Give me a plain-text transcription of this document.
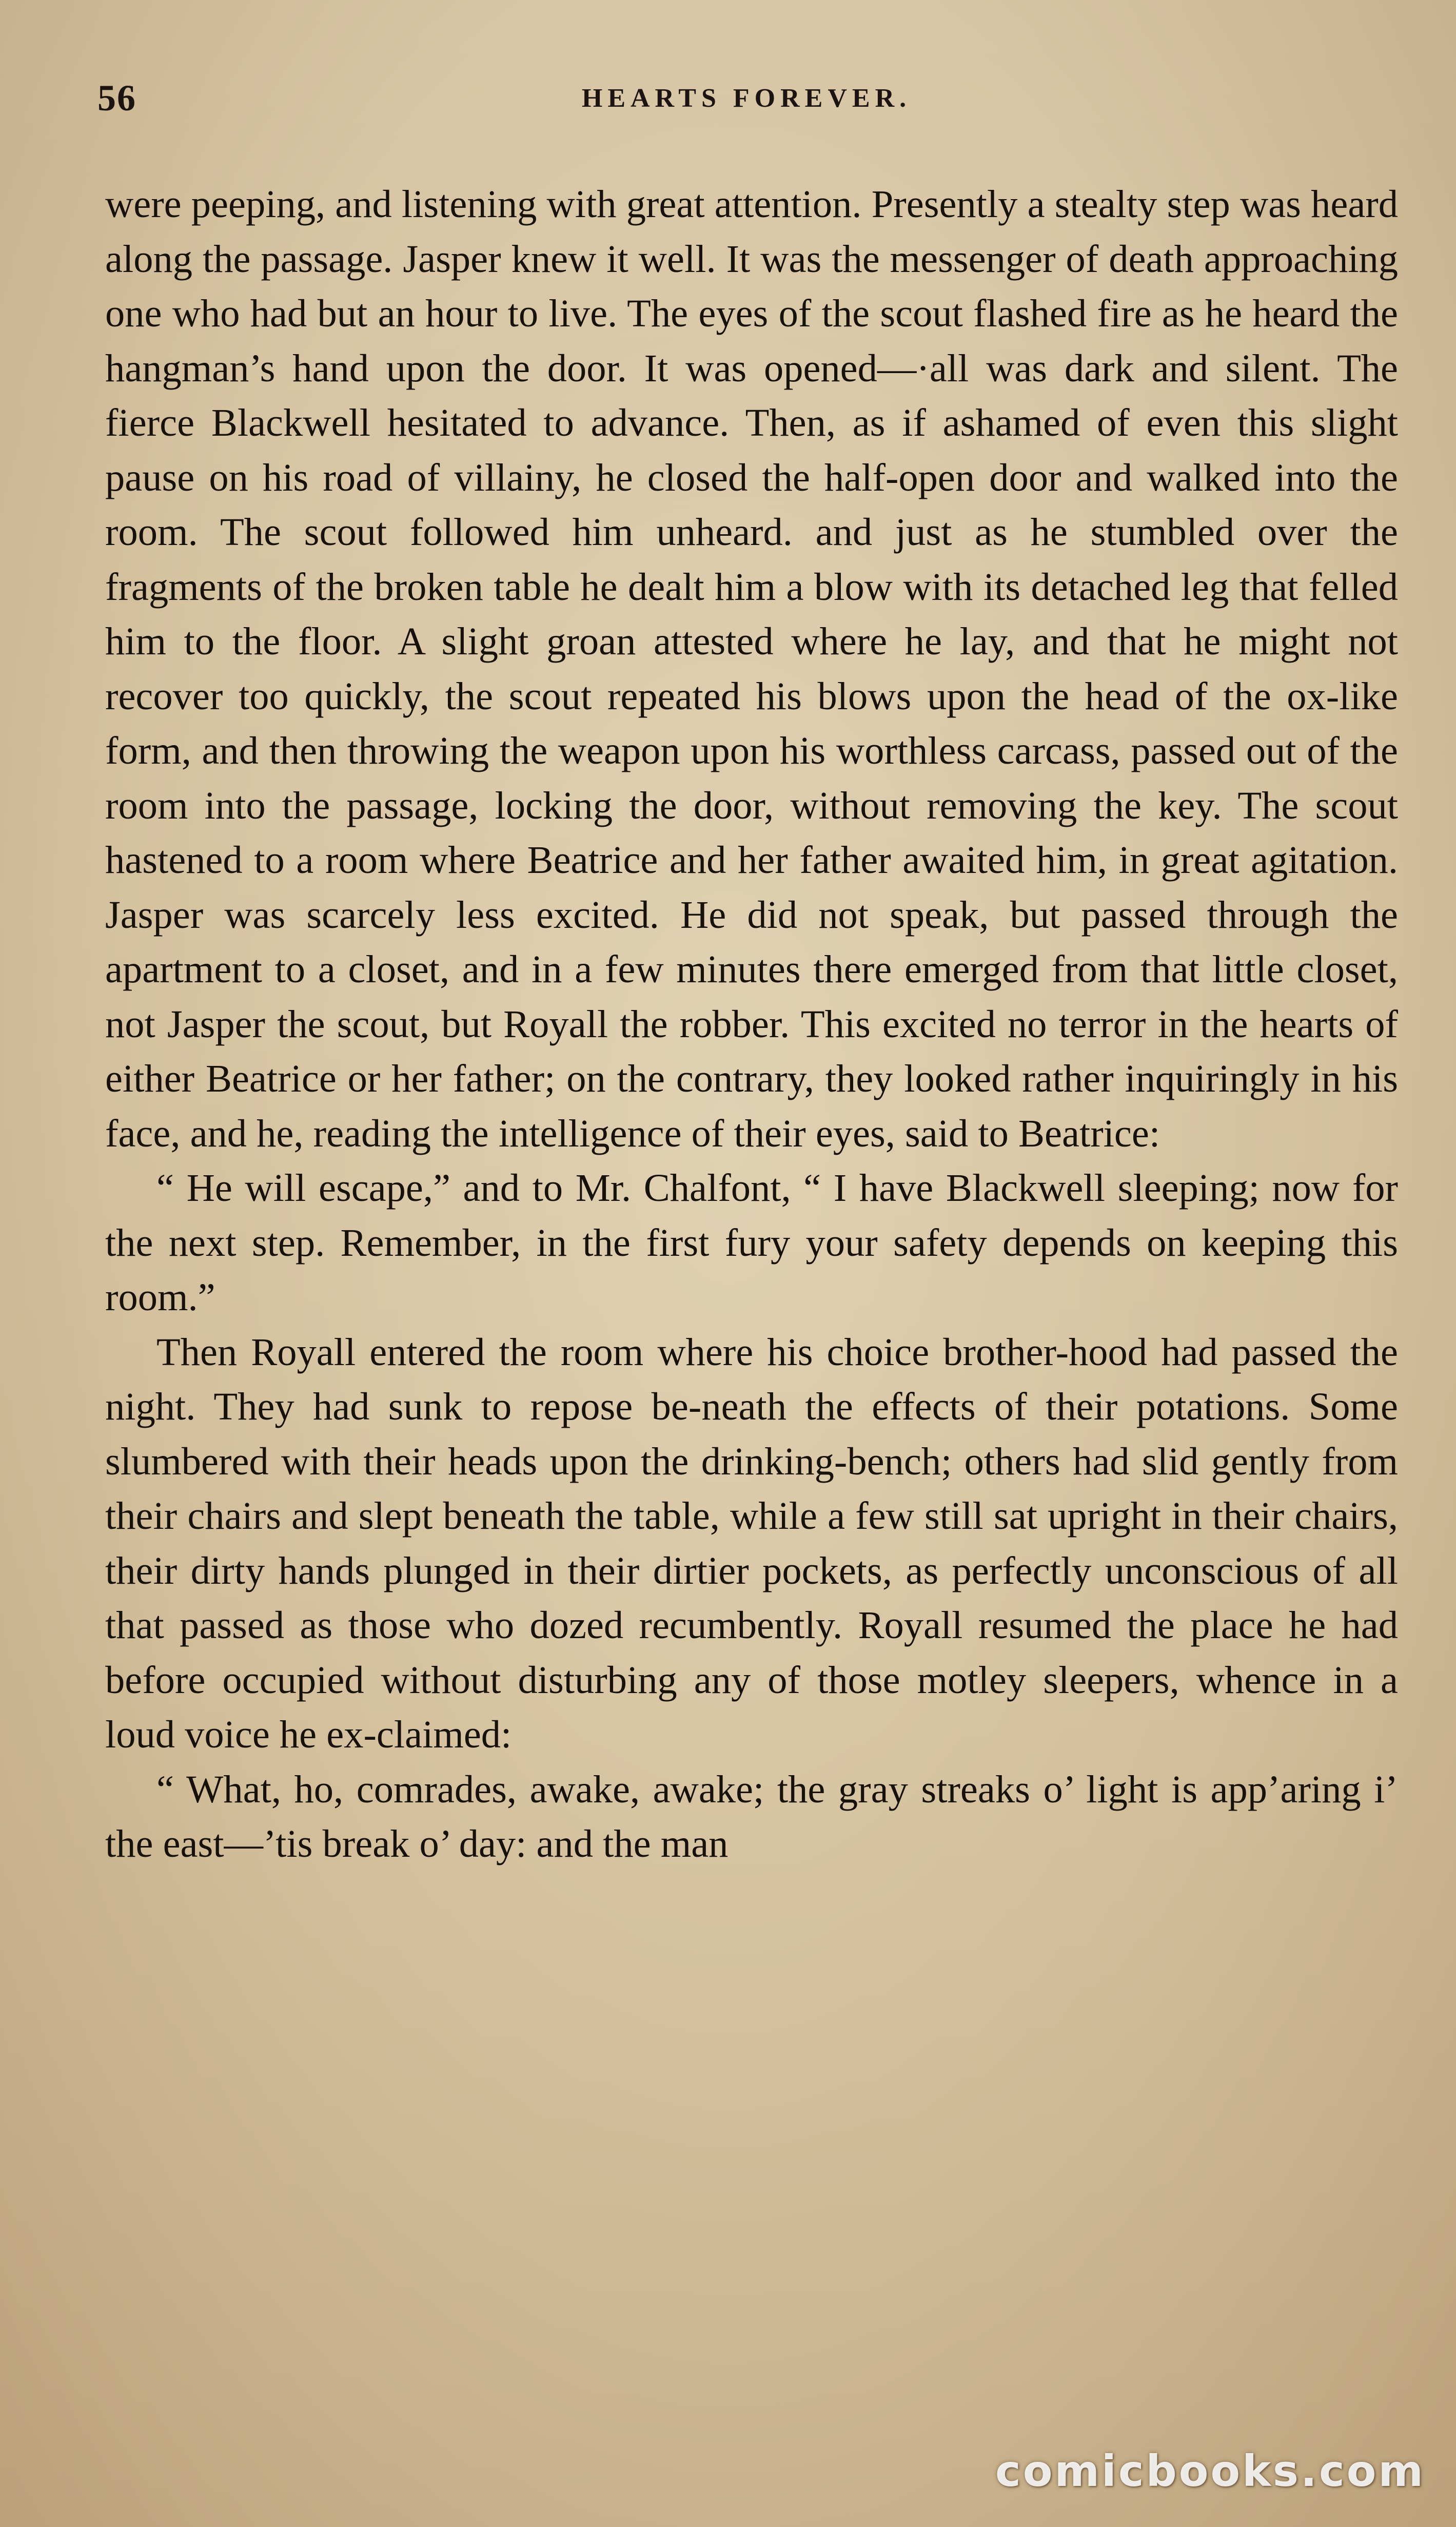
56	HEARTS FOREVER.

were peeping, and listening with great attention. Presently a stealty step was heard along the passage. Jasper knew it well. It was the messenger of death approaching one who had but an hour to live. The eyes of the scout flashed fire as he heard the hangman’s hand upon the door. It was opened—·all was dark and silent. The fierce Blackwell hesitated to advance. Then, as if ashamed of even this slight pause on his road of villainy, he closed the half-open door and walked into the room. The scout followed him unheard. and just as he stumbled over the fragments of the broken table he dealt him a blow with its detached leg that felled him to the floor. A slight groan attested where he lay, and that he might not recover too quickly, the scout repeated his blows upon the head of the ox-like form, and then throwing the weapon upon his worthless carcass, passed out of the room into the passage, locking the door, without removing the key. The scout hastened to a room where Beatrice and her father awaited him, in great agitation. Jasper was scarcely less excited. He did not speak, but passed through the apartment to a closet, and in a few minutes there emerged from that little closet, not Jasper the scout, but Royall the robber. This excited no terror in the hearts of either Beatrice or her father; on the contrary, they looked rather inquiringly in his face, and he, reading the intelligence of their eyes, said to Beatrice:

“ He will escape,” and to Mr. Chalfont, “ I have Blackwell sleeping; now for the next step. Remember, in the first fury your safety depends on keeping this room.”

Then Royall entered the room where his choice brother-hood had passed the night. They had sunk to repose be-neath the effects of their potations. Some slumbered with their heads upon the drinking-bench; others had slid gently from their chairs and slept beneath the table, while a few still sat upright in their chairs, their dirty hands plunged in their dirtier pockets, as perfectly unconscious of all that passed as those who dozed recumbently. Royall resumed the place he had before occupied without disturbing any of those motley sleepers, whence in a loud voice he ex-claimed:

“ What, ho, comrades, awake, awake; the gray streaks o’ light is app’aring i’ the east—’tis break o’ day: and the man

comicbooks.com
